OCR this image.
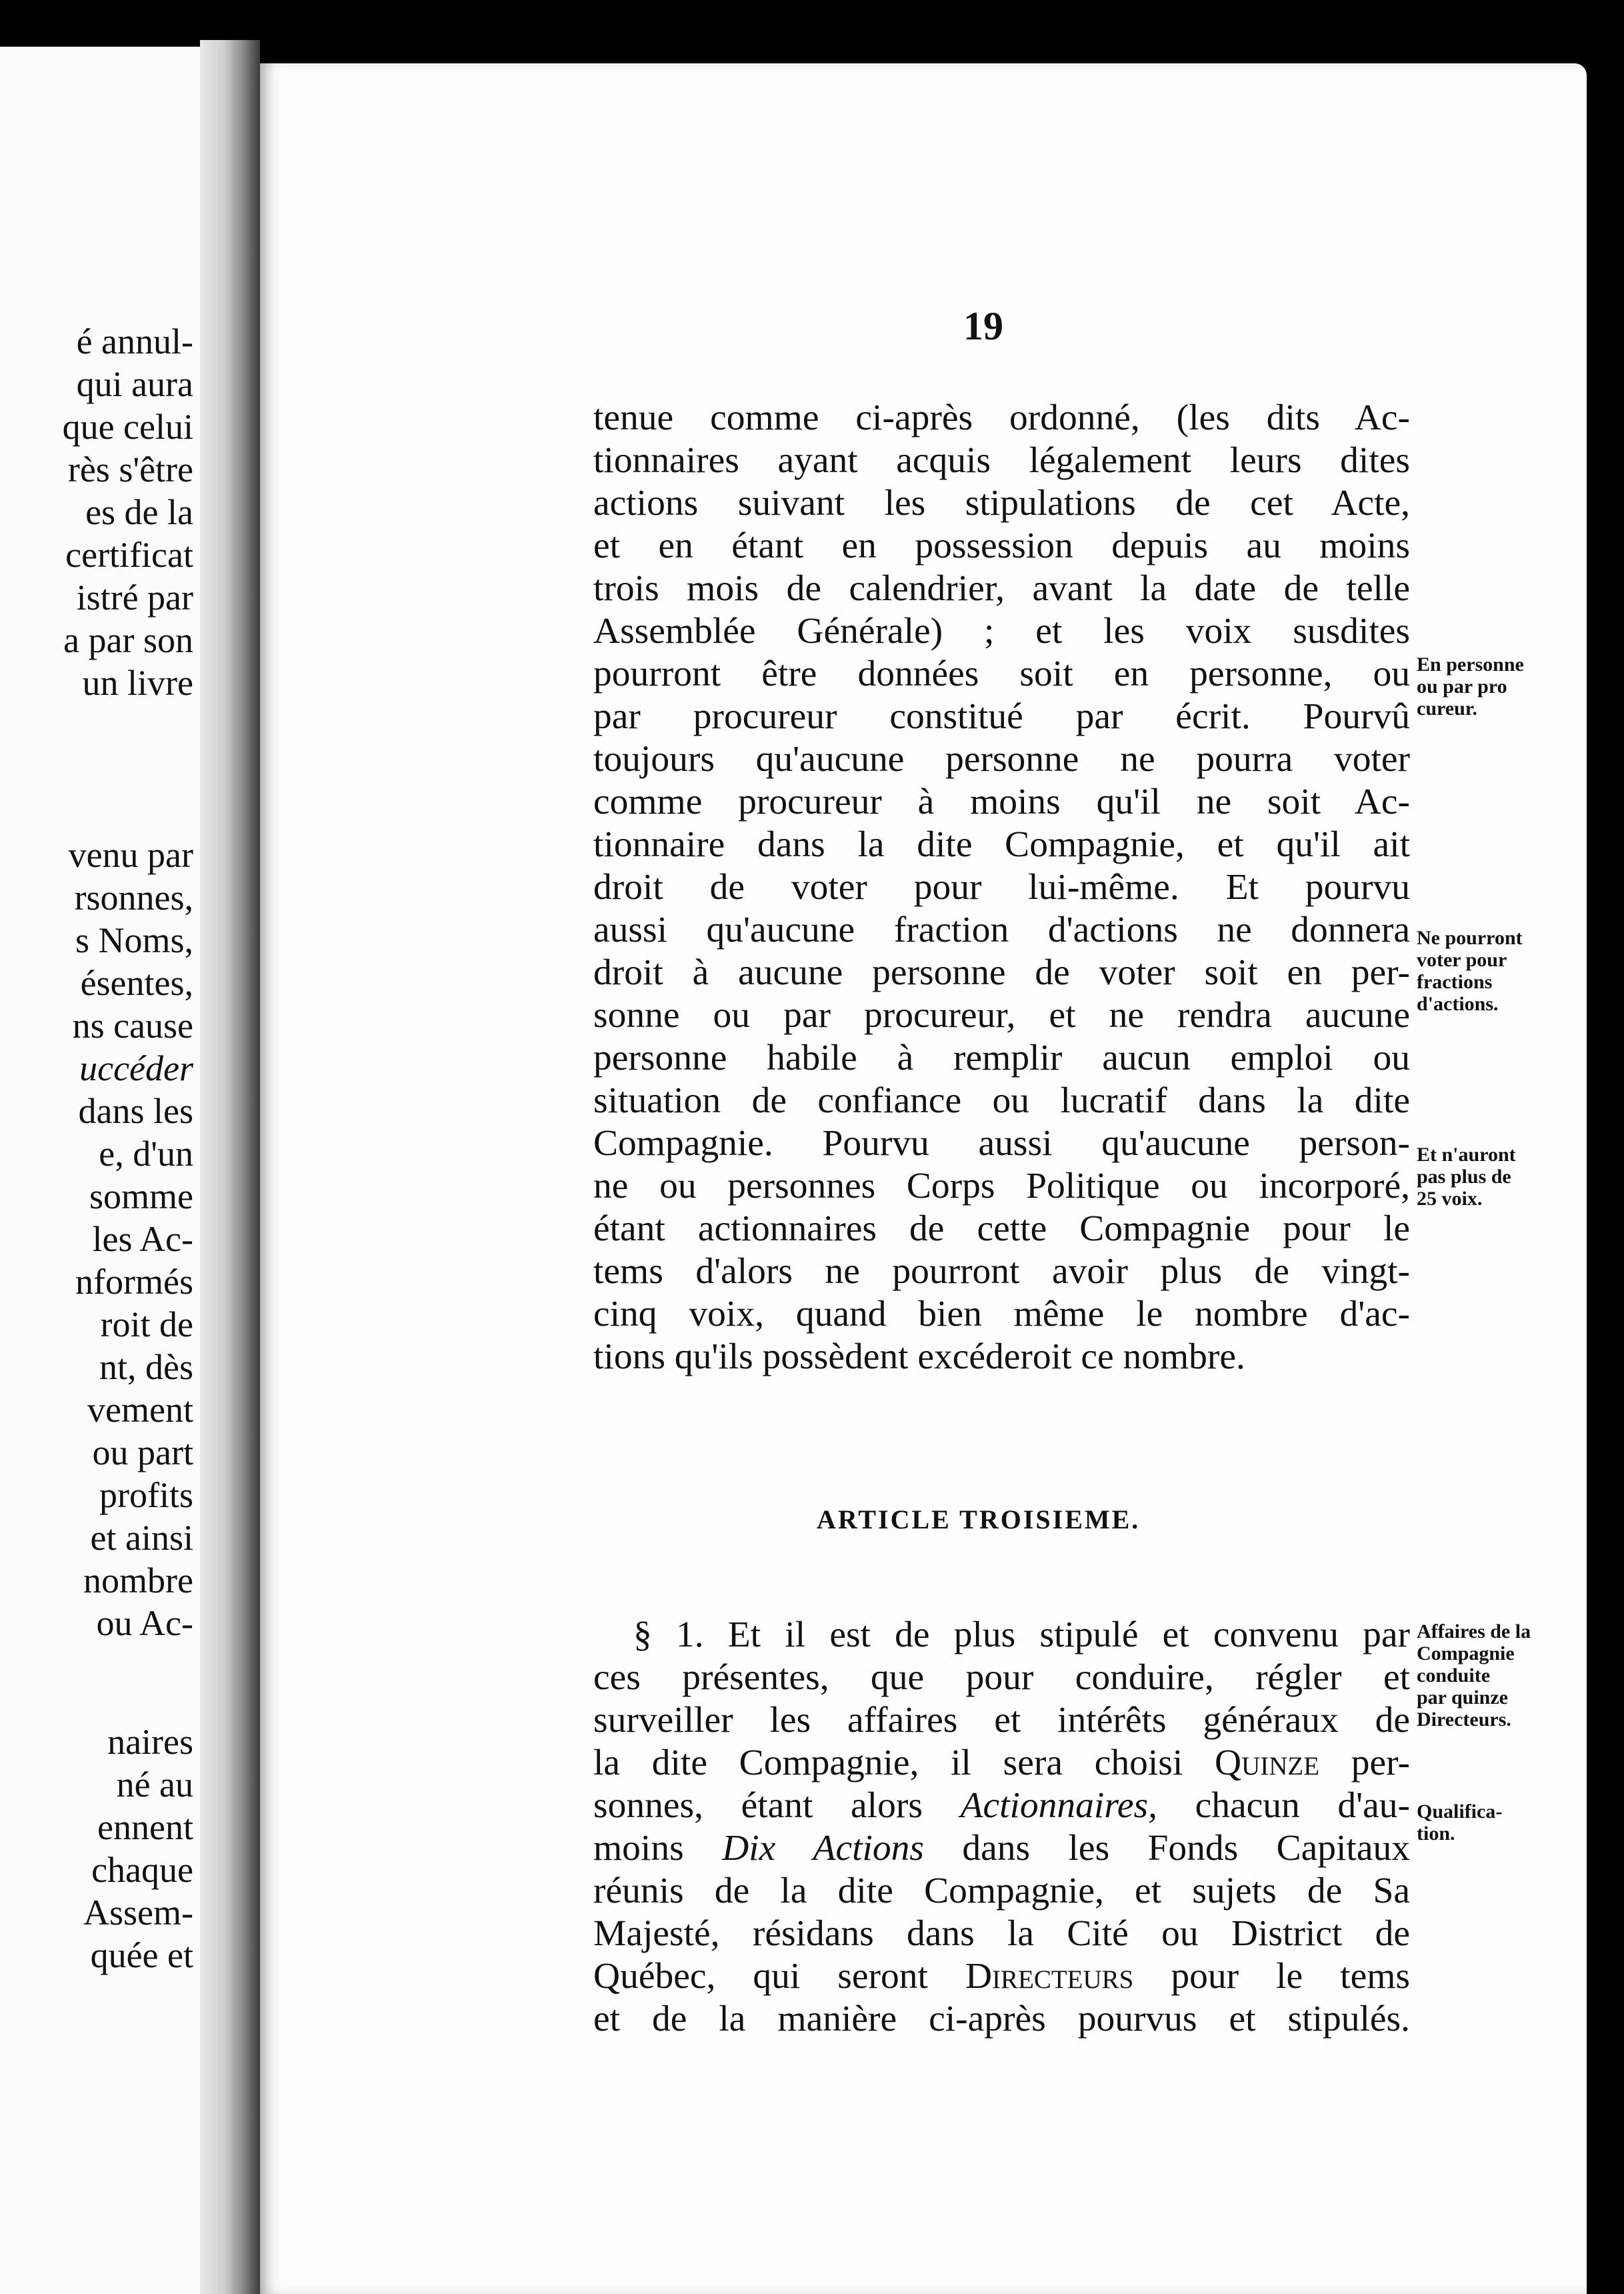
é annul-
qui aura
que celui
rès s'être
es de la
certificat
istré par
a par son
un livre
venu par
rsonnes,
s Noms,
ésentes,
ns cause
uccéder
dans les
e, d'un
somme
les Ac-
nformés
roit de
nt, dès
vement
ou part
profits
et ainsi
nombre
ou Ac-
naires
né au
ennent
chaque
Assem-
quée et
19
tenue comme ci-après ordonné, (les dits Ac-
tionnaires ayant acquis légalement leurs dites
actions suivant les stipulations de cet Acte,
et en étant en possession depuis au moins
trois mois de calendrier, avant la date de telle
Assemblée Générale) ; et les voix susdites
pourront être données soit en personne, ou
par procureur constitué par écrit. Pourvû
toujours qu'aucune personne ne pourra voter
comme procureur à moins qu'il ne soit Ac-
tionnaire dans la dite Compagnie, et qu'il ait
droit de voter pour lui-même. Et pourvu
aussi qu'aucune fraction d'actions ne donnera
droit à aucune personne de voter soit en per-
sonne ou par procureur, et ne rendra aucune
personne habile à remplir aucun emploi ou
situation de confiance ou lucratif dans la dite
Compagnie. Pourvu aussi qu'aucune person-
ne ou personnes Corps Politique ou incorporé,
étant actionnaires de cette Compagnie pour le
tems d'alors ne pourront avoir plus de vingt-
cinq voix, quand bien même le nombre d'ac-
tions qu'ils possèdent excéderoit ce nombre.
ARTICLE TROISIEME.
§ 1. Et il est de plus stipulé et convenu par
ces présentes, que pour conduire, régler et
surveiller les affaires et intérêts généraux de
la dite Compagnie, il sera choisi Quinze per-
sonnes, étant alors Actionnaires, chacun d'au-
moins Dix Actions dans les Fonds Capitaux
réunis de la dite Compagnie, et sujets de Sa
Majesté, résidans dans la Cité ou District de
Québec, qui seront Directeurs pour le tems
et de la manière ci-après pourvus et stipulés.
En personne
ou par pro
cureur.
Ne pourront
voter pour
fractions
d'actions.
Et n'auront
pas plus de
25 voix.
Affaires de la
Compagnie
conduite
par quinze
Directeurs.
Qualifica-
tion.
